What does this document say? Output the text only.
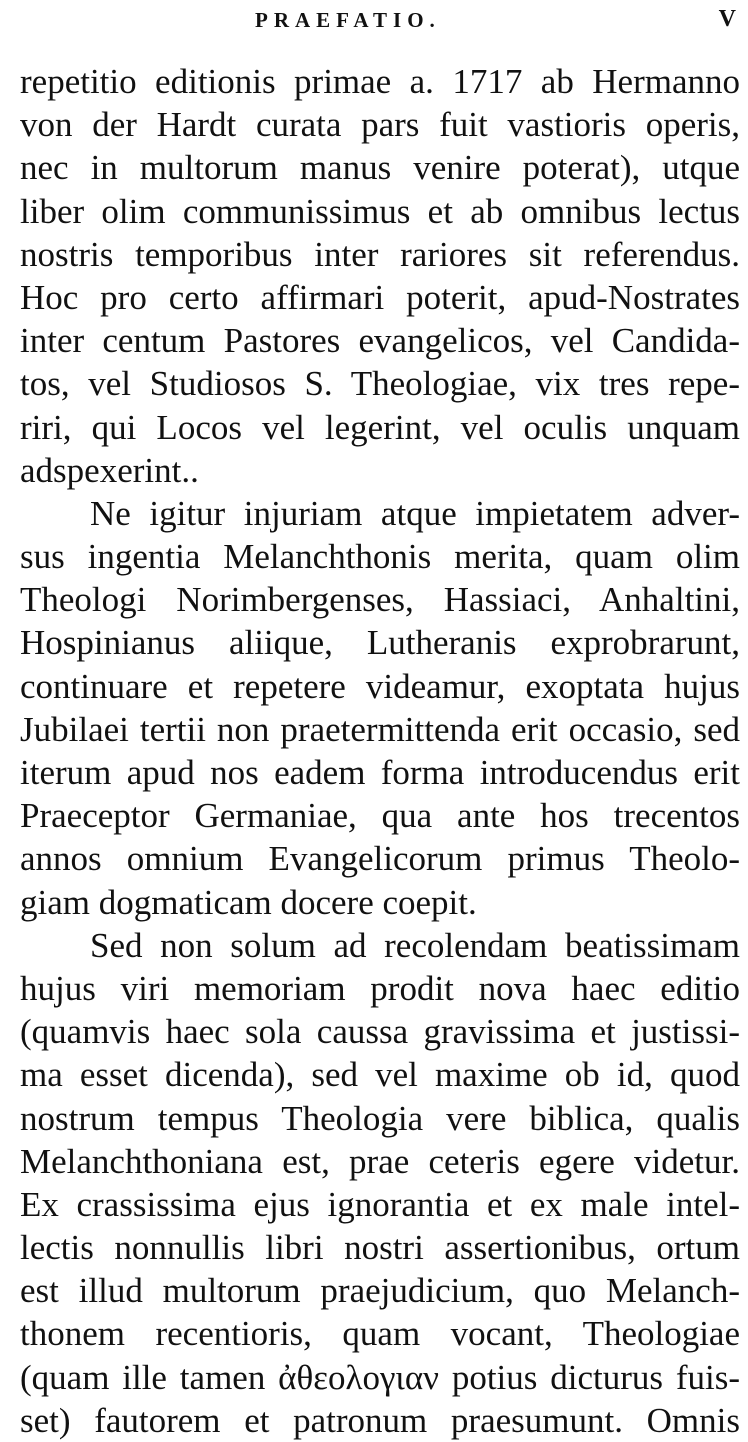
PRAEFATIO.	V
repetitio editionis primae a. 1717 ab Hermanno
von der Hardt curata pars fuit vastioris operis,
nec in multorum manus venire poterat), utque
liber olim communissimus et ab omnibus lectus
nostris temporibus inter rariores sit referendus.
Hoc pro certo affirmari poterit, apud-Nostrates
inter centum Pastores evangelicos, vel Candida-
tos, vel Studiosos S. Theologiae, vix tres repe-
riri, qui Locos vel legerint, vel oculis unquam
adspexerint..
Ne igitur injuriam atque impietatem adver-
sus ingentia Melanchthonis merita, quam olim
Theologi Norimbergenses, Hassiaci, Anhaltini,
Hospinianus aliique, Lutheranis exprobrarunt,
continuare et repetere videamur, exoptata hujus
Jubilaei tertii non praetermittenda erit occasio, sed
iterum apud nos eadem forma introducendus erit
Praeceptor Germaniae, qua ante hos trecentos
annos omnium Evangelicorum primus Theolo-
giam dogmaticam docere coepit.
Sed non solum ad recolendam beatissimam
hujus viri memoriam prodit nova haec editio
(quamvis haec sola caussa gravissima et justissi-
ma esset dicenda), sed vel maxime ob id, quod
nostrum tempus Theologia vere biblica, qualis
Melanchthoniana est, prae ceteris egere videtur.
Ex crassissima ejus ignorantia et ex male intel-
lectis nonnullis libri nostri assertionibus, ortum
est illud multorum praejudicium, quo Melanch-
thonem recentioris, quam vocant, Theologiae
(quam ille tamen ἀθεολογιαν potius dicturus fuis-
set) fautorem et patronum praesumunt. Omnis
